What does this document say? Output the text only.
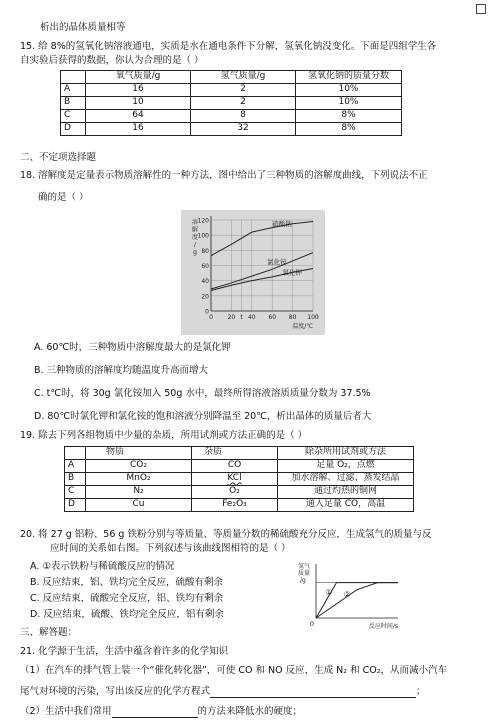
析出的晶体质量相等
15. 给 8%的氢氧化钠溶液通电，实质是水在通电条件下分解，氢氧化钠没变化。下面是四组学生各
自实验后获得的数据，你认为合理的是（ ）
	氧气质量/g	氢气质量/g	氢氧化钠的质量分数
A	16	2	10%
B	10	2	10%
C	64	8	8%
D	16	32	8%
二、不定项选择题
18. 溶解度是定量表示物质溶解性的一种方法，图中给出了三种物质的溶解度曲线，下列说法不正
确的是（ ）
0
20
40
60
80
100
120
0 20 t 40 60 80 100
温度/℃
溶
解
度
/
g
硝酸钠
氯化铵
氯化钾
A. 60℃时，三种物质中溶解度最大的是氯化钾
B. 三种物质的溶解度均随温度升高而增大
C. t℃时，将 30g 氯化铵加入 50g 水中，最终所得溶液溶质质量分数为 37.5%
D. 80℃时氯化钾和氯化铵的饱和溶液分别降温至 20℃，析出晶体的质量后者大
19. 除去下列各组物质中少量的杂质，所用试剂或方法正确的是（ ）
	物质	杂质	除杂所用试剂或方法
A	CO₂	CO	足量 O₂，点燃
B	MnO₂	KCl	加水溶解、过滤、蒸发结晶
C	N₂	O₂	通过灼热的铜网
D	Cu	Fe₂O₃	通入足量 CO，高温
20. 将 27 g 铝粉、56 g 铁粉分别与等质量、等质量分数的稀硫酸充分反应，生成氢气的质量与反
应时间的关系如右图。下列叙述与该曲线图相符的是（ ）
A. ①表示铁粉与稀硫酸反应的情况
B. 反应结束，铝、铁均完全反应，硫酸有剩余
C. 反应结束，硫酸完全反应，铝、铁均有剩余
D. 反应结束，硫酸、铁均完全反应，铝有剩余
0	反应时间/s
氢气
质量
/g
① ②
三、解答题：
21. 化学源于生活，生活中蕴含着许多的化学知识
（1）在汽车的排气管上装一个“催化转化器”，可使 CO 和 NO 反应，生成 N₂ 和 CO₂，从而减小汽车
尾气对环境的污染，写出该反应的化学方程式	；
（2）生活中我们常用	的方法来降低水的硬度；
